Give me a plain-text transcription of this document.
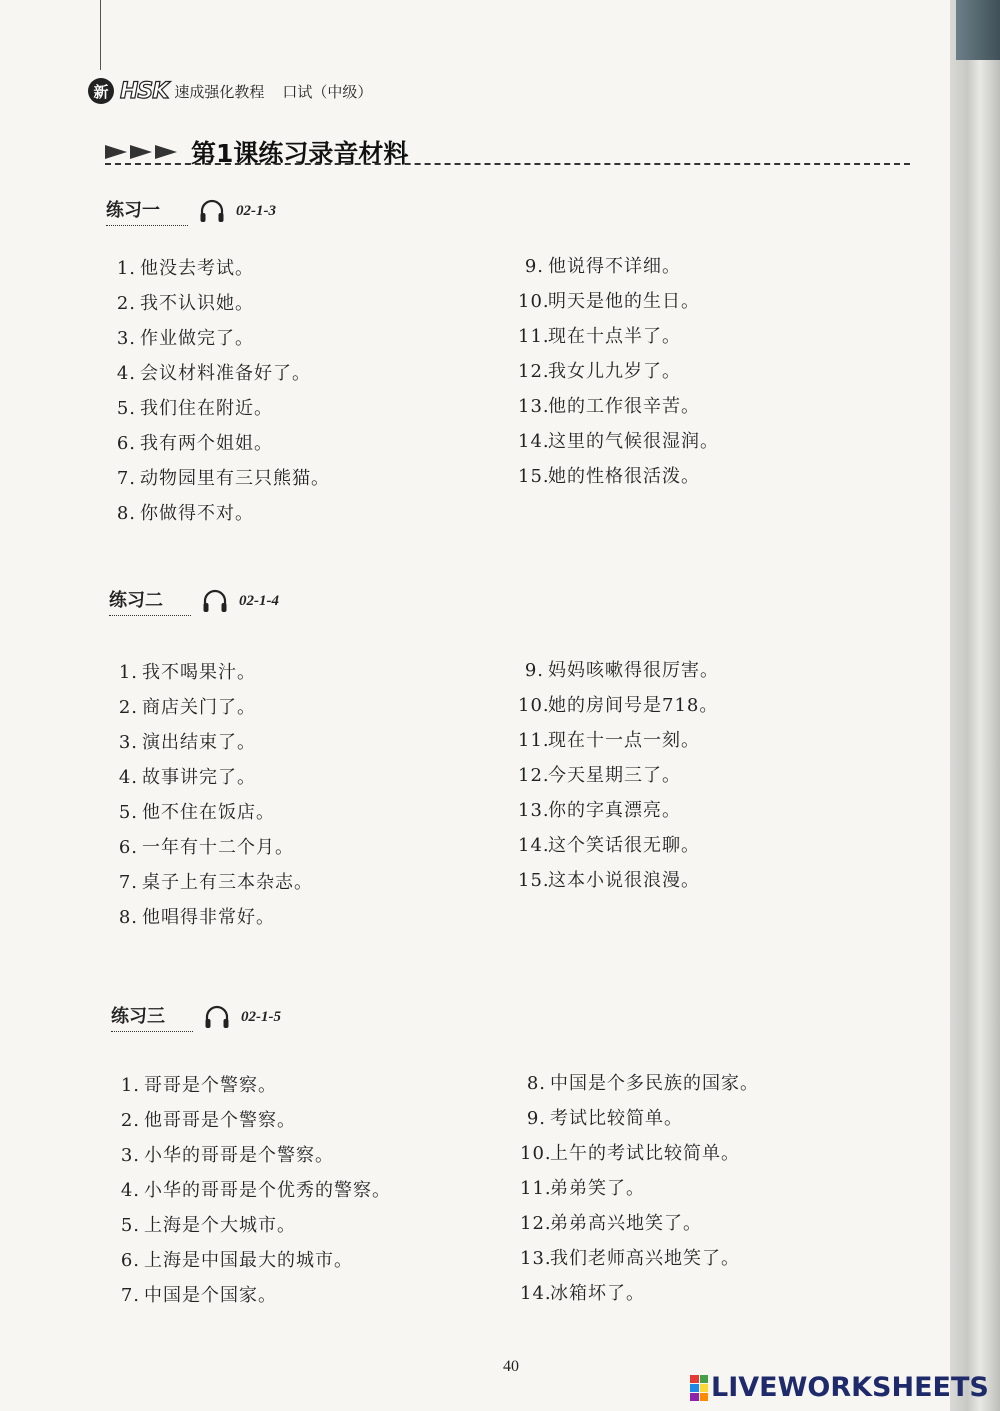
新 HSK 速成强化教程 口试（中级）
第1课练习录音材料
练习一	02-1-3
1. 他没去考试。
2. 我不认识她。
3. 作业做完了。
4. 会议材料准备好了。
5. 我们住在附近。
6. 我有两个姐姐。
7. 动物园里有三只熊猫。
8. 你做得不对。
9. 他说得不详细。
10.明天是他的生日。
11.现在十点半了。
12.我女儿九岁了。
13.他的工作很辛苦。
14.这里的气候很湿润。
15.她的性格很活泼。
练习二	02-1-4
1. 我不喝果汁。
2. 商店关门了。
3. 演出结束了。
4. 故事讲完了。
5. 他不住在饭店。
6. 一年有十二个月。
7. 桌子上有三本杂志。
8. 他唱得非常好。
9. 妈妈咳嗽得很厉害。
10.她的房间号是718。
11.现在十一点一刻。
12.今天星期三了。
13.你的字真漂亮。
14.这个笑话很无聊。
15.这本小说很浪漫。
练习三	02-1-5
1. 哥哥是个警察。
2. 他哥哥是个警察。
3. 小华的哥哥是个警察。
4. 小华的哥哥是个优秀的警察。
5. 上海是个大城市。
6. 上海是中国最大的城市。
7. 中国是个国家。
8. 中国是个多民族的国家。
9. 考试比较简单。
10.上午的考试比较简单。
11.弟弟笑了。
12.弟弟高兴地笑了。
13.我们老师高兴地笑了。
14.冰箱坏了。
40
LIVEWORKSHEETS
